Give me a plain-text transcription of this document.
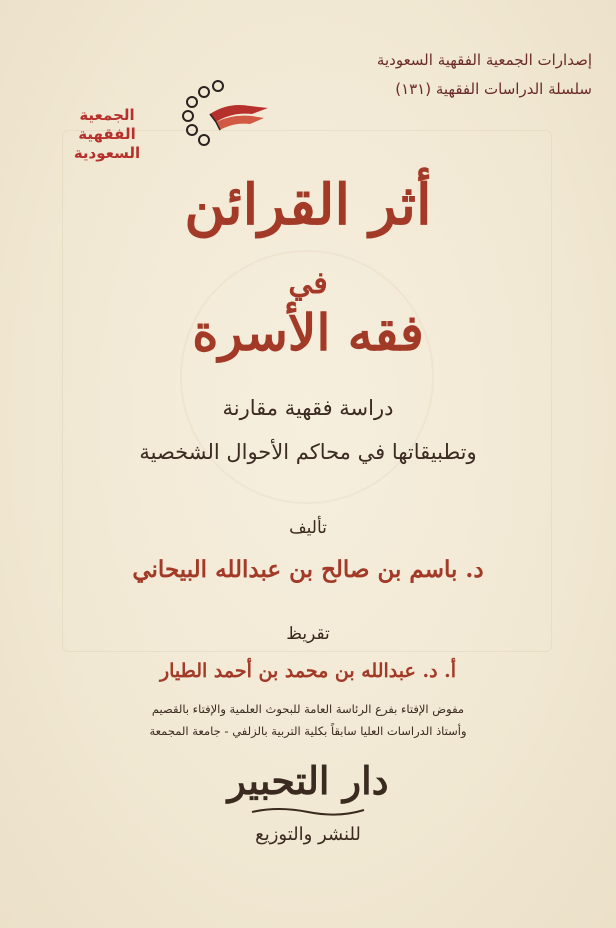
إصدارات الجمعية الفقهية السعودية
سلسلة الدراسات الفقهية (١٣١)
الجمعية
الفقهية
السعودية
أثر القرائن
في
فقه الأسرة
دراسة فقهية مقارنة
وتطبيقاتها في محاكم الأحوال الشخصية
تأليف
د. باسم بن صالح بن عبدالله البيحاني
تقريظ
أ. د. عبدالله بن محمد بن أحمد الطيار
مفوض الإفتاء بفرع الرئاسة العامة للبحوث العلمية والإفتاء بالقصيم
وأستاذ الدراسات العليا سابقاً بكلية التربية بالزلفي - جامعة المجمعة
دار التحبير
للنشر والتوزيع
